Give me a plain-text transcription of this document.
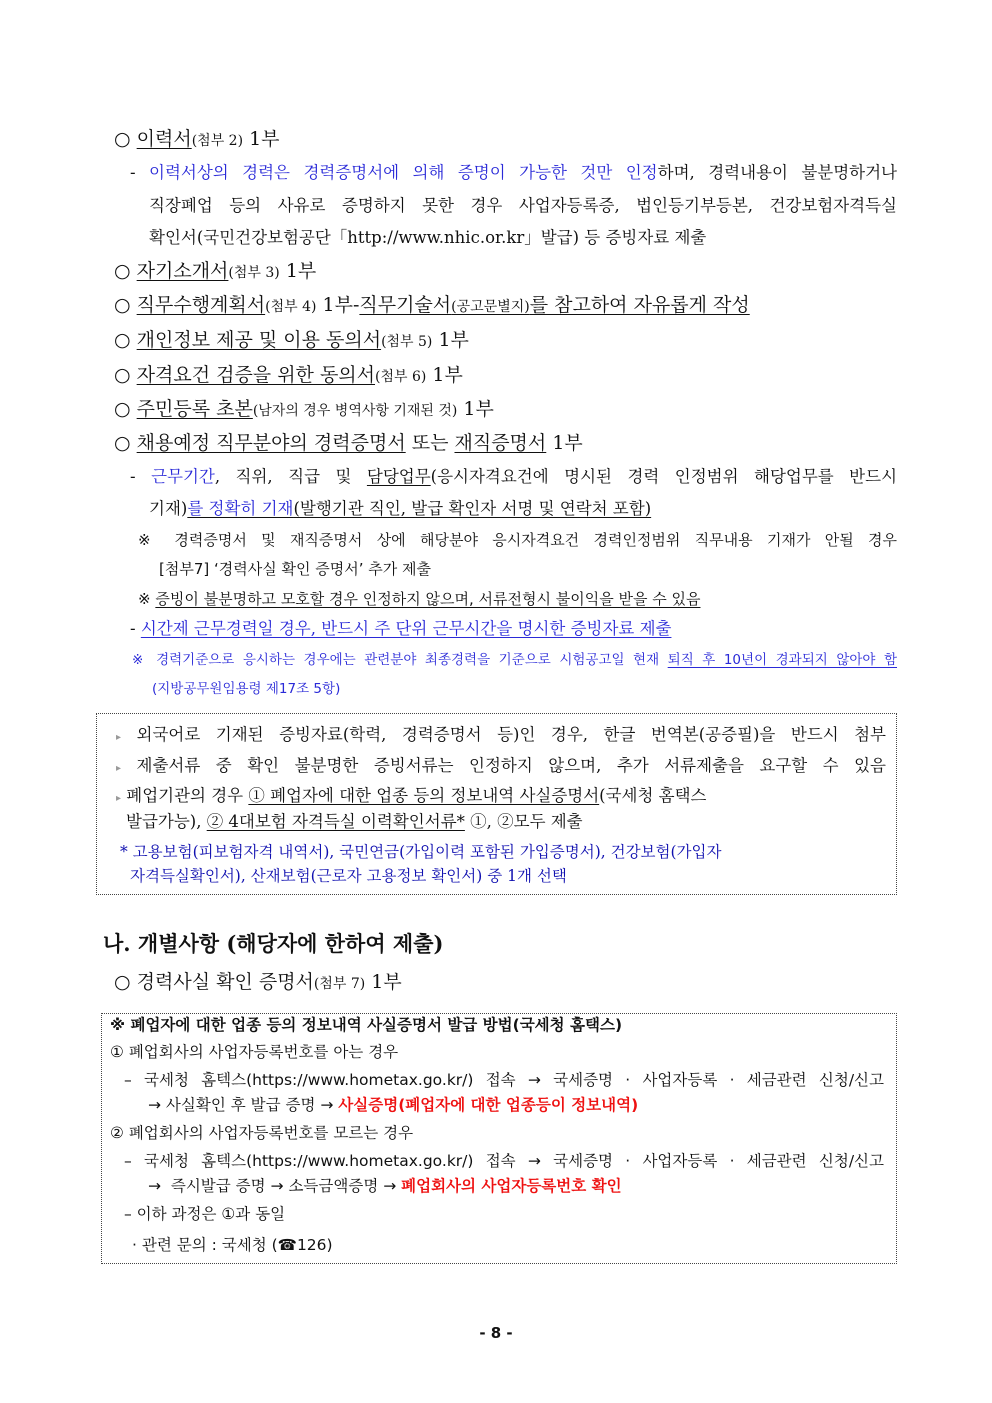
○ 이력서(첨부 2) 1부
- 이력서상의 경력은 경력증명서에 의해 증명이 가능한 것만 인정하며, 경력내용이 불분명하거나
직장폐업 등의 사유로 증명하지 못한 경우 사업자등록증, 법인등기부등본, 건강보험자격득실
확인서(국민건강보험공단「http://www.nhic.or.kr」발급) 등 증빙자료 제출
○ 자기소개서(첨부 3) 1부
○ 직무수행계획서(첨부 4) 1부-직무기술서(공고문별지)를 참고하여 자유롭게 작성
○ 개인정보 제공 및 이용 동의서(첨부 5) 1부
○ 자격요건 검증을 위한 동의서(첨부 6) 1부
○ 주민등록 초본(남자의 경우 병역사항 기재된 것) 1부
○ 채용예정 직무분야의 경력증명서 또는 재직증명서 1부
- 근무기간, 직위, 직급 및 담당업무(응시자격요건에 명시된 경력 인정범위 해당업무를 반드시
기재)를 정확히 기재(발행기관 직인, 발급 확인자 서명 및 연락처 포함)
※ 경력증명서 및 재직증명서 상에 해당분야 응시자격요건 경력인정범위 직무내용 기재가 안될 경우
[첨부7] ‘경력사실 확인 증명서’ 추가 제출
※ 증빙이 불분명하고 모호할 경우 인정하지 않으며, 서류전형시 불이익을 받을 수 있음
- 시간제 근무경력일 경우, 반드시 주 단위 근무시간을 명시한 증빙자료 제출
※ 경력기준으로 응시하는 경우에는 관련분야 최종경력을 기준으로 시험공고일 현재 퇴직 후 10년이 경과되지 않아야 함
(지방공무원임용령 제17조 5항)
▸ 외국어로 기재된 증빙자료(학력, 경력증명서 등)인 경우, 한글 번역본(공증필)을 반드시 첨부
▸ 제출서류 중 확인 불분명한 증빙서류는 인정하지 않으며, 추가 서류제출을 요구할 수 있음
▸ 폐업기관의 경우 ① 폐업자에 대한 업종 등의 정보내역 사실증명서(국세청 홈택스
발급가능), ② 4대보험 자격득실 이력확인서류* ①, ②모두 제출
* 고용보험(피보험자격 내역서), 국민연금(가입이력 포함된 가입증명서), 건강보험(가입자
자격득실확인서), 산재보험(근로자 고용정보 확인서) 중 1개 선택
나. 개별사항 (해당자에 한하여 제출)
○ 경력사실 확인 증명서(첨부 7) 1부
※ 폐업자에 대한 업종 등의 정보내역 사실증명서 발급 방법(국세청 홈택스)
① 폐업회사의 사업자등록번호를 아는 경우
– 국세청 홈텍스(https://www.hometax.go.kr/) 접속 → 국세증명 · 사업자등록 · 세금관련 신청/신고
→ 사실확인 후 발급 증명 → 사실증명(폐업자에 대한 업종등이 정보내역)
② 폐업회사의 사업자등록번호를 모르는 경우
– 국세청 홈텍스(https://www.hometax.go.kr/) 접속 → 국세증명 · 사업자등록 · 세금관련 신청/신고
→  즉시발급 증명 → 소득금액증명 → 폐업회사의 사업자등록번호 확인
– 이하 과정은 ①과 동일
· 관련 문의 : 국세청 (☎126)
- 8 -
